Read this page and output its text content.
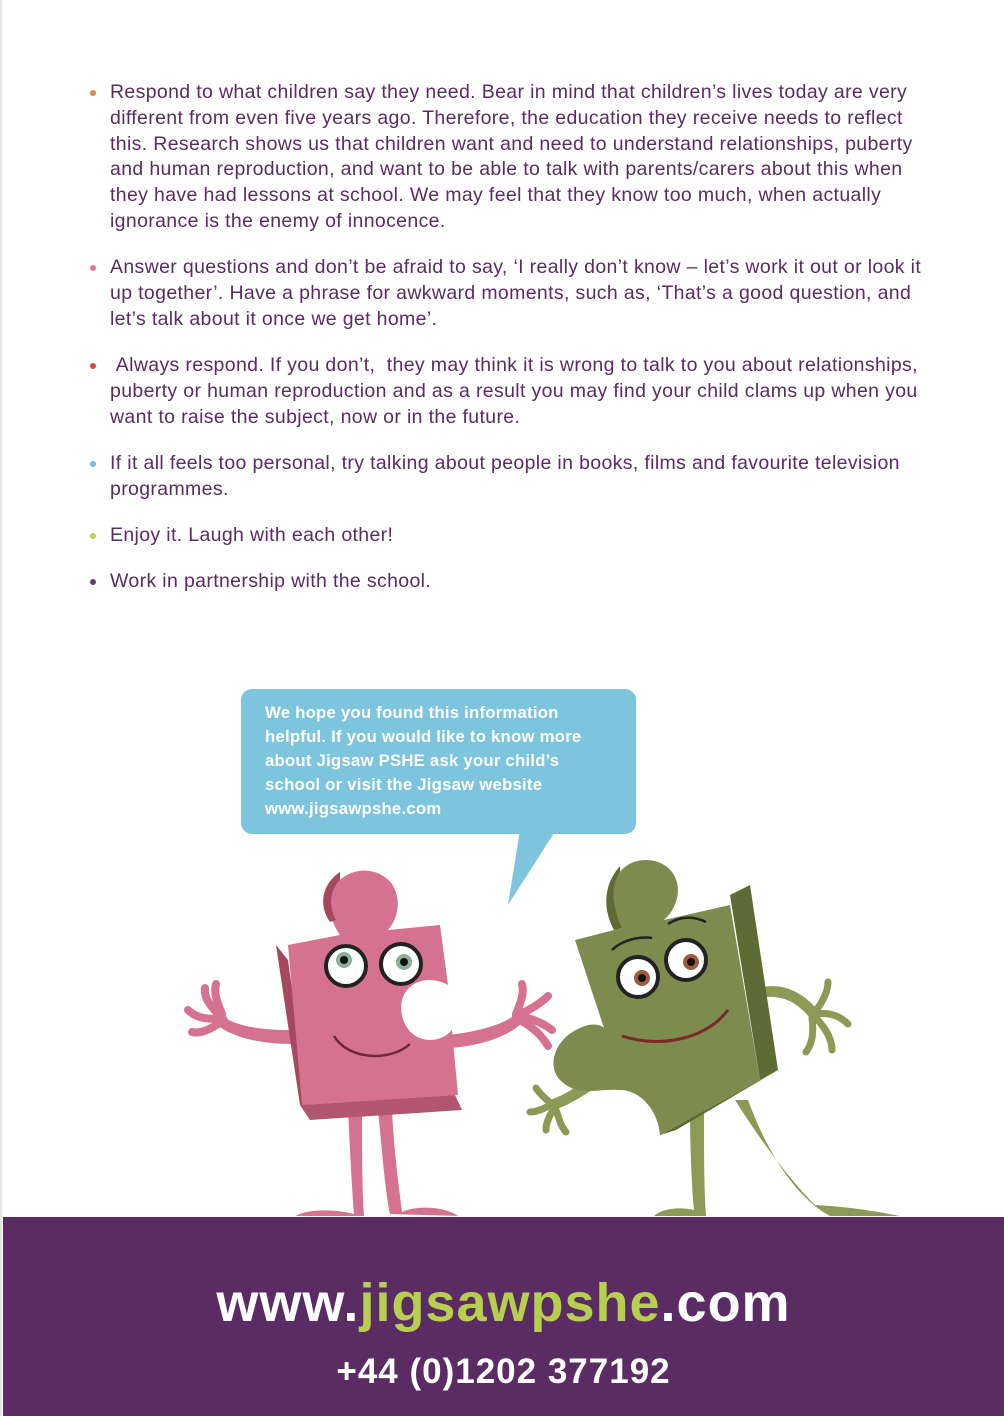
Respond to what children say they need. Bear in mind that children’s lives today are very different from even five years ago. Therefore, the education they receive needs to reflect this. Research shows us that children want and need to understand relationships, puberty and human reproduction, and want to be able to talk with parents/carers about this when they have had lessons at school. We may feel that they know too much, when actually ignorance is the enemy of innocence.
Answer questions and don’t be afraid to say, ‘I really don’t know – let’s work it out or look it up together’. Have a phrase for awkward moments, such as, ‘That’s a good question, and let’s talk about it once we get home’.
Always respond. If you don’t,  they may think it is wrong to talk to you about relationships, puberty or human reproduction and as a result you may find your child clams up when you want to raise the subject, now or in the future.
If it all feels too personal, try talking about people in books, films and favourite television programmes.
Enjoy it. Laugh with each other!
Work in partnership with the school.

We hope you found this information

helpful. If you would like to know more

about Jigsaw PSHE ask your child’s

school or visit the Jigsaw website

www.jigsawpshe.com

www.jigsawpshe.com
+44 (0)1202 377192
